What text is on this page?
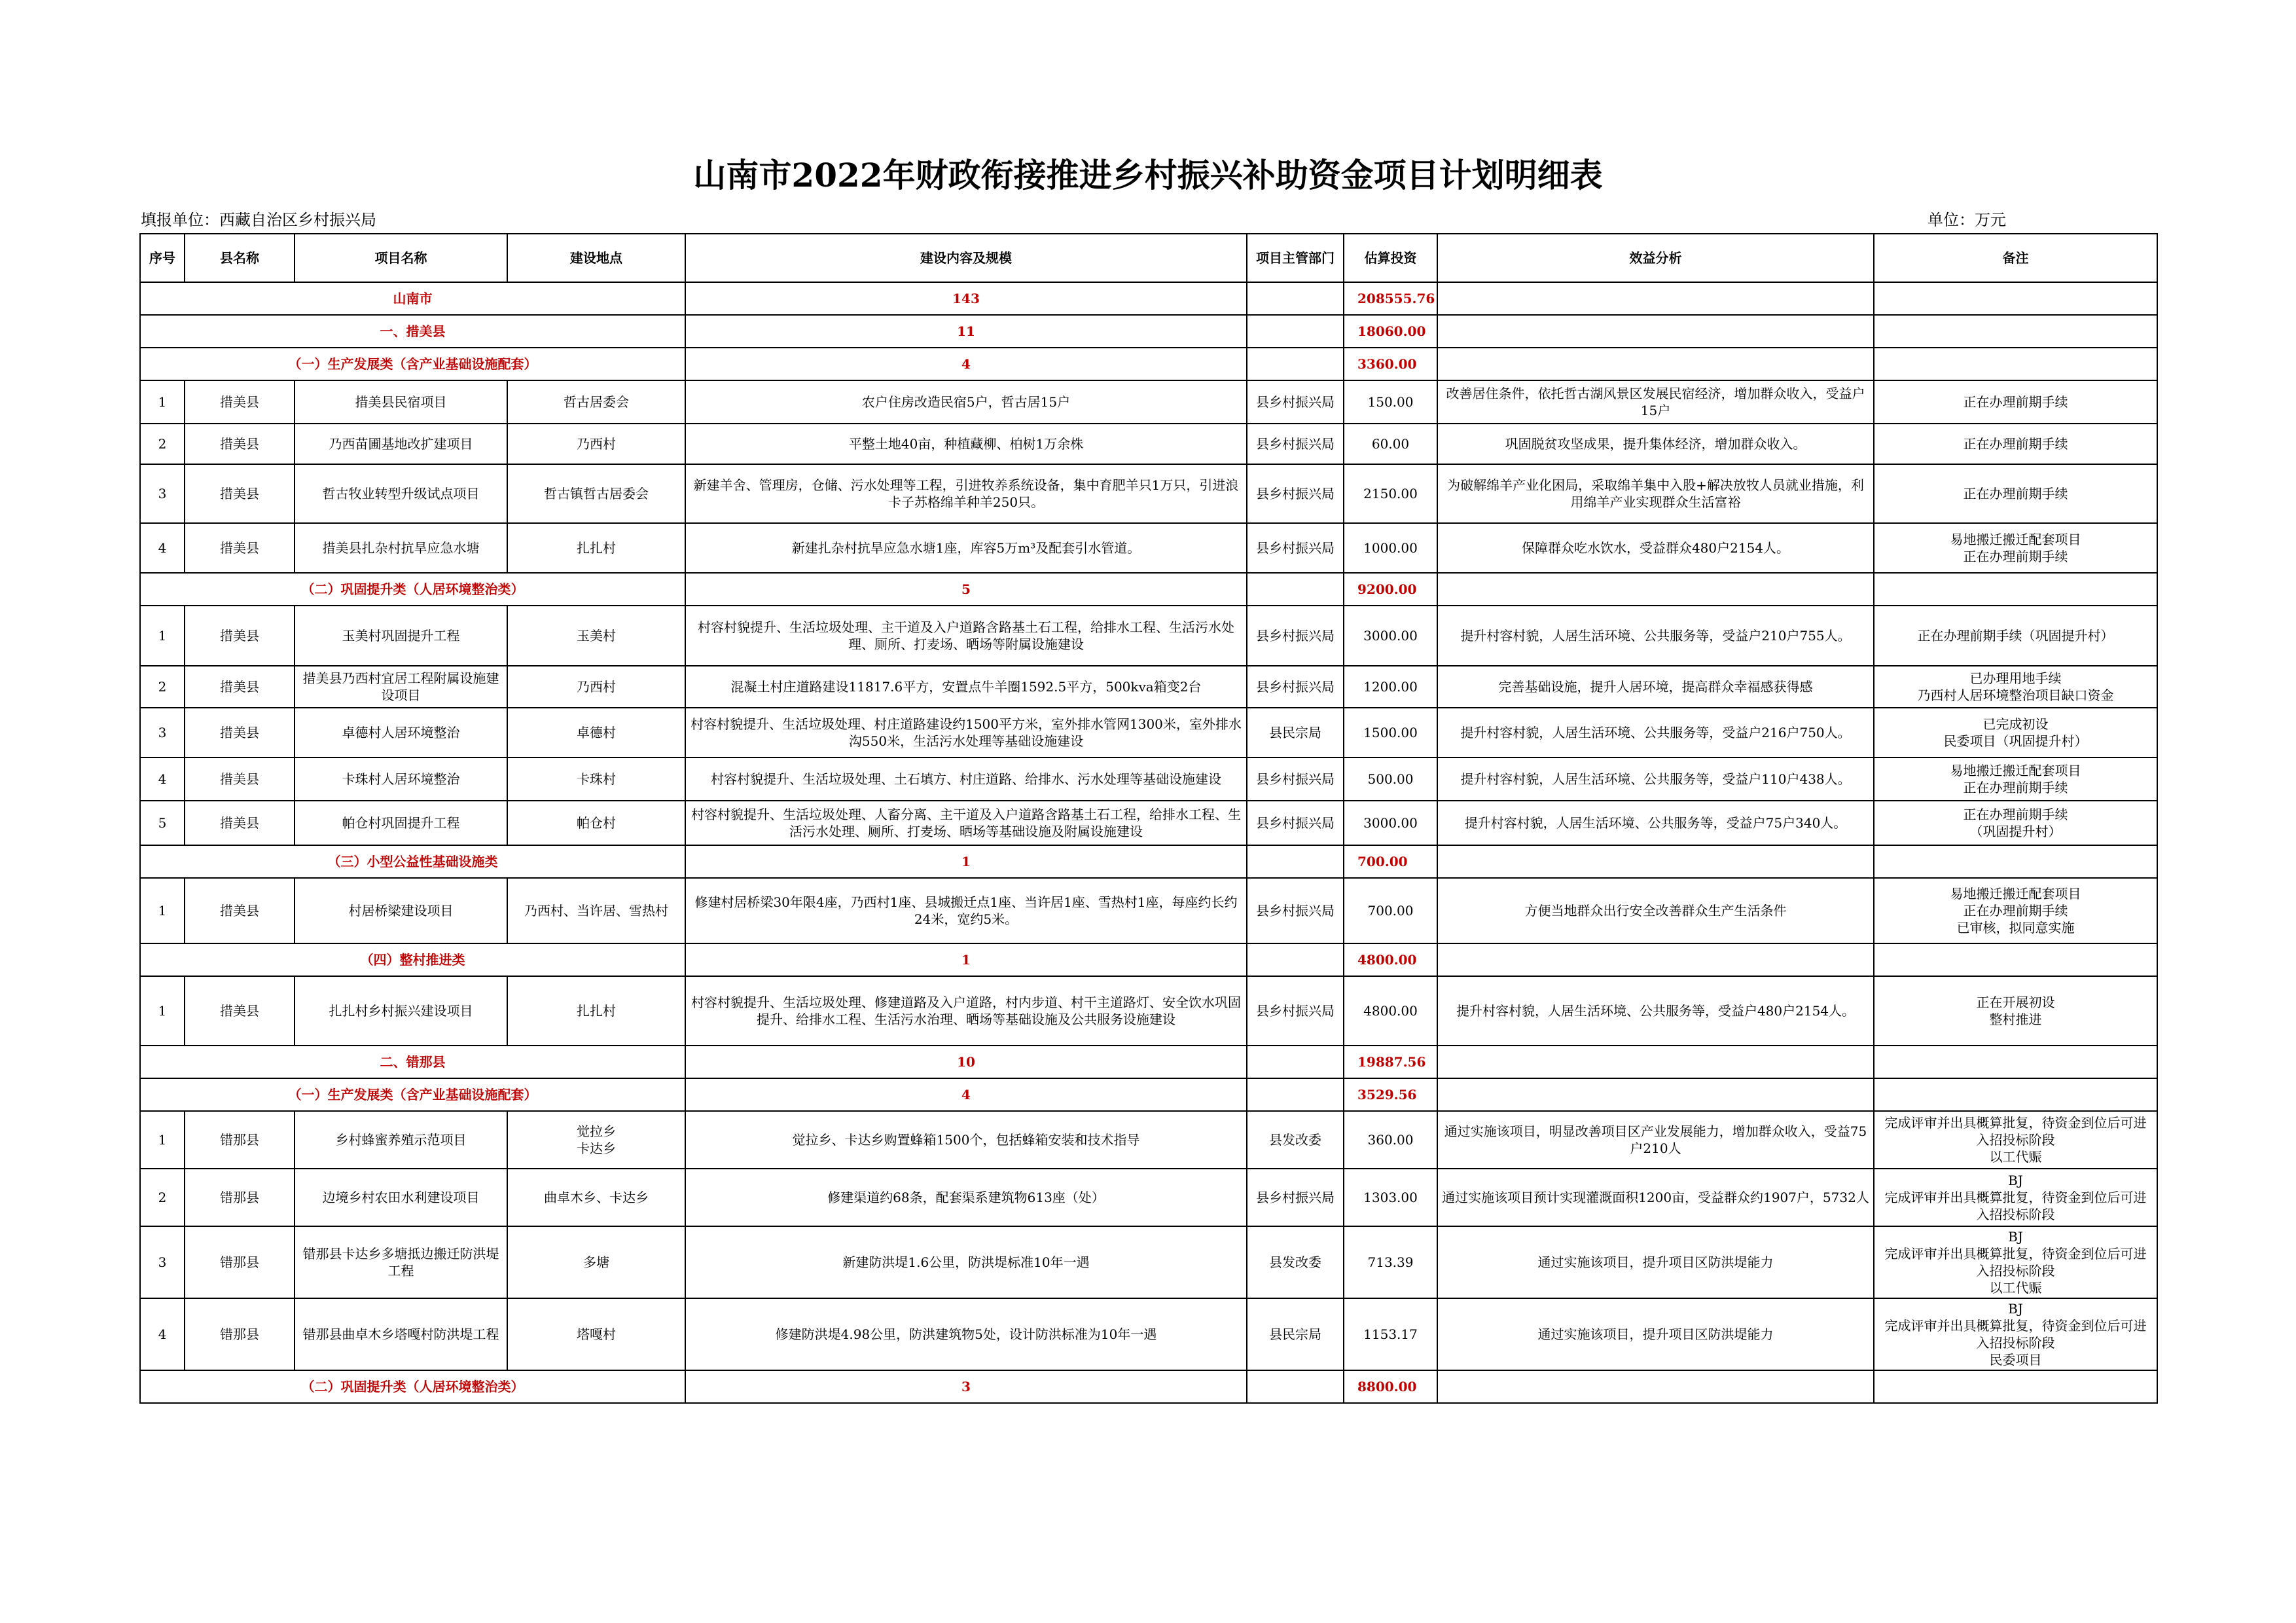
山南市2022年财政衔接推进乡村振兴补助资金项目计划明细表
填报单位：西藏自治区乡村振兴局	单位：万元
序号	县名称	项目名称	建设地点	建设内容及规模	项目主管部门	估算投资	效益分析	备注
山南市				143		208555.76		
一、措美县				11		18060.00		
（一）生产发展类（含产业基础设施配套）				4		3360.00		
1	措美县	措美县民宿项目	哲古居委会	农户住房改造民宿5户，哲古居15户	县乡村振兴局	150.00	改善居住条件，依托哲古湖风景区发展民宿经济，增加群众收入，受益户15户	正在办理前期手续
2	措美县	乃西苗圃基地改扩建项目	乃西村	平整土地40亩，种植藏柳、柏树1万余株	县乡村振兴局	60.00	巩固脱贫攻坚成果，提升集体经济，增加群众收入。	正在办理前期手续
3	措美县	哲古牧业转型升级试点项目	哲古镇哲古居委会	新建羊舍、管理房，仓储、污水处理等工程，引进牧养系统设备，集中育肥羊只1万只，引进浪卡子苏格绵羊种羊250只。	县乡村振兴局	2150.00	为破解绵羊产业化困局，采取绵羊集中入股+解决放牧人员就业措施，利用绵羊产业实现群众生活富裕	正在办理前期手续
4	措美县	措美县扎杂村抗旱应急水塘	扎扎村	新建扎杂村抗旱应急水塘1座，库容5万m³及配套引水管道。	县乡村振兴局	1000.00	保障群众吃水饮水，受益群众480户2154人。	易地搬迁搬迁配套项目
正在办理前期手续
（二）巩固提升类（人居环境整治类）				5		9200.00		
1	措美县	玉美村巩固提升工程	玉美村	村容村貌提升、生活垃圾处理、主干道及入户道路含路基土石工程，给排水工程、生活污水处理、厕所、打麦场、晒场等附属设施建设	县乡村振兴局	3000.00	提升村容村貌，人居生活环境、公共服务等，受益户210户755人。	正在办理前期手续（巩固提升村）
2	措美县	措美县乃西村宜居工程附属设施建设项目	乃西村	混凝土村庄道路建设11817.6平方，安置点牛羊圈1592.5平方，500kva箱变2台	县乡村振兴局	1200.00	完善基础设施，提升人居环境，提高群众幸福感获得感	已办理用地手续
乃西村人居环境整治项目缺口资金
3	措美县	卓德村人居环境整治	卓德村	村容村貌提升、生活垃圾处理、村庄道路建设约1500平方米，室外排水管网1300米，室外排水沟550米，生活污水处理等基础设施建设	县民宗局	1500.00	提升村容村貌，人居生活环境、公共服务等，受益户216户750人。	已完成初设
民委项目（巩固提升村）
4	措美县	卡珠村人居环境整治	卡珠村	村容村貌提升、生活垃圾处理、土石填方、村庄道路、给排水、污水处理等基础设施建设	县乡村振兴局	500.00	提升村容村貌，人居生活环境、公共服务等，受益户110户438人。	易地搬迁搬迁配套项目
正在办理前期手续
5	措美县	帕仓村巩固提升工程	帕仓村	村容村貌提升、生活垃圾处理、人畜分离、主干道及入户道路含路基土石工程，给排水工程、生活污水处理、厕所、打麦场、晒场等基础设施及附属设施建设	县乡村振兴局	3000.00	提升村容村貌，人居生活环境、公共服务等，受益户75户340人。	正在办理前期手续
（巩固提升村）
（三）小型公益性基础设施类				1		700.00		
1	措美县	村居桥梁建设项目	乃西村、当许居、雪热村	修建村居桥梁30年限4座，乃西村1座、县城搬迁点1座、当许居1座、雪热村1座，每座约长约24米，宽约5米。	县乡村振兴局	700.00	方便当地群众出行安全改善群众生产生活条件	易地搬迁搬迁配套项目
正在办理前期手续
已审核，拟同意实施
（四）整村推进类				1		4800.00		
1	措美县	扎扎村乡村振兴建设项目	扎扎村	村容村貌提升、生活垃圾处理、修建道路及入户道路，村内步道、村干主道路灯、安全饮水巩固提升、给排水工程、生活污水治理、晒场等基础设施及公共服务设施建设	县乡村振兴局	4800.00	提升村容村貌，人居生活环境、公共服务等，受益户480户2154人。	正在开展初设
整村推进
二、错那县				10		19887.56		
（一）生产发展类（含产业基础设施配套）				4		3529.56		
1	错那县	乡村蜂蜜养殖示范项目	觉拉乡
卡达乡	觉拉乡、卡达乡购置蜂箱1500个，包括蜂箱安装和技术指导	县发改委	360.00	通过实施该项目，明显改善项目区产业发展能力，增加群众收入，受益75户210人	完成评审并出具概算批复，待资金到位后可进入招投标阶段
以工代赈
2	错那县	边境乡村农田水利建设项目	曲卓木乡、卡达乡	修建渠道约68条，配套渠系建筑物613座（处）	县乡村振兴局	1303.00	通过实施该项目预计实现灌溉面积1200亩，受益群众约1907户，5732人	BJ
完成评审并出具概算批复，待资金到位后可进入招投标阶段
3	错那县	错那县卡达乡多塘抵边搬迁防洪堤工程	多塘	新建防洪堤1.6公里，防洪堤标准10年一遇	县发改委	713.39	通过实施该项目，提升项目区防洪堤能力	BJ
完成评审并出具概算批复，待资金到位后可进入招投标阶段
以工代赈
4	错那县	错那县曲卓木乡塔嘎村防洪堤工程	塔嘎村	修建防洪堤4.98公里，防洪建筑物5处，设计防洪标准为10年一遇	县民宗局	1153.17	通过实施该项目，提升项目区防洪堤能力	BJ
完成评审并出具概算批复，待资金到位后可进入招投标阶段
民委项目
（二）巩固提升类（人居环境整治类）				3		8800.00		
